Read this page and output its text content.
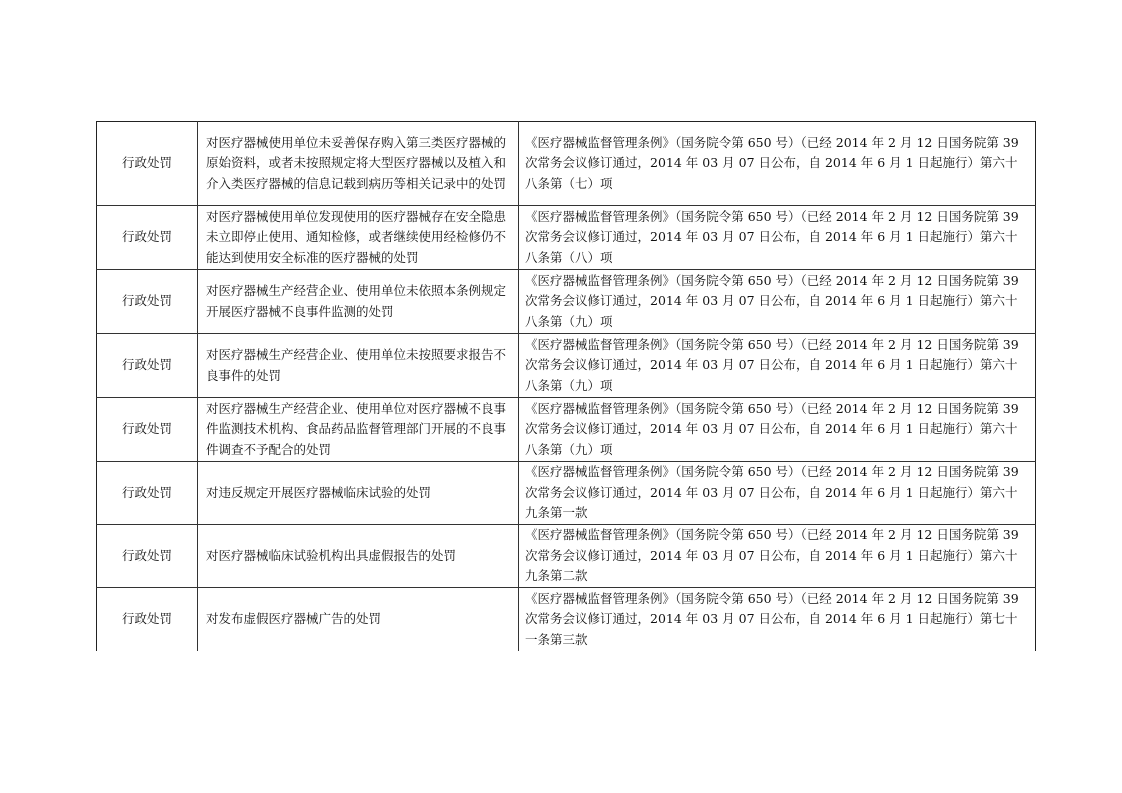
行政处罚	对医疗器械使用单位未妥善保存购入第三类医疗器械的原始资料，或者未按照规定将大型医疗器械以及植入和介入类医疗器械的信息记载到病历等相关记录中的处罚	《医疗器械监督管理条例》（国务院令第 650 号）（已经 2014 年 2 月 12 日国务院第 39 次常务会议修订通过，2014 年 03 月 07 日公布，自 2014 年 6 月 1 日起施行）第六十八条第（七）项

行政处罚	对医疗器械使用单位发现使用的医疗器械存在安全隐患未立即停止使用、通知检修，或者继续使用经检修仍不能达到使用安全标准的医疗器械的处罚	《医疗器械监督管理条例》（国务院令第 650 号）（已经 2014 年 2 月 12 日国务院第 39 次常务会议修订通过，2014 年 03 月 07 日公布，自 2014 年 6 月 1 日起施行）第六十八条第（八）项

行政处罚	对医疗器械生产经营企业、使用单位未依照本条例规定开展医疗器械不良事件监测的处罚	《医疗器械监督管理条例》（国务院令第 650 号）（已经 2014 年 2 月 12 日国务院第 39 次常务会议修订通过，2014 年 03 月 07 日公布，自 2014 年 6 月 1 日起施行）第六十八条第（九）项

行政处罚	对医疗器械生产经营企业、使用单位未按照要求报告不良事件的处罚	《医疗器械监督管理条例》（国务院令第 650 号）（已经 2014 年 2 月 12 日国务院第 39 次常务会议修订通过，2014 年 03 月 07 日公布，自 2014 年 6 月 1 日起施行）第六十八条第（九）项

行政处罚	对医疗器械生产经营企业、使用单位对医疗器械不良事件监测技术机构、食品药品监督管理部门开展的不良事件调查不予配合的处罚	《医疗器械监督管理条例》（国务院令第 650 号）（已经 2014 年 2 月 12 日国务院第 39 次常务会议修订通过，2014 年 03 月 07 日公布，自 2014 年 6 月 1 日起施行）第六十八条第（九）项

行政处罚	对违反规定开展医疗器械临床试验的处罚	《医疗器械监督管理条例》（国务院令第 650 号）（已经 2014 年 2 月 12 日国务院第 39 次常务会议修订通过，2014 年 03 月 07 日公布，自 2014 年 6 月 1 日起施行）第六十九条第一款

行政处罚	对医疗器械临床试验机构出具虚假报告的处罚	《医疗器械监督管理条例》（国务院令第 650 号）（已经 2014 年 2 月 12 日国务院第 39 次常务会议修订通过，2014 年 03 月 07 日公布，自 2014 年 6 月 1 日起施行）第六十九条第二款

行政处罚	对发布虚假医疗器械广告的处罚	《医疗器械监督管理条例》（国务院令第 650 号）（已经 2014 年 2 月 12 日国务院第 39 次常务会议修订通过，2014 年 03 月 07 日公布，自 2014 年 6 月 1 日起施行）第七十一条第三款
